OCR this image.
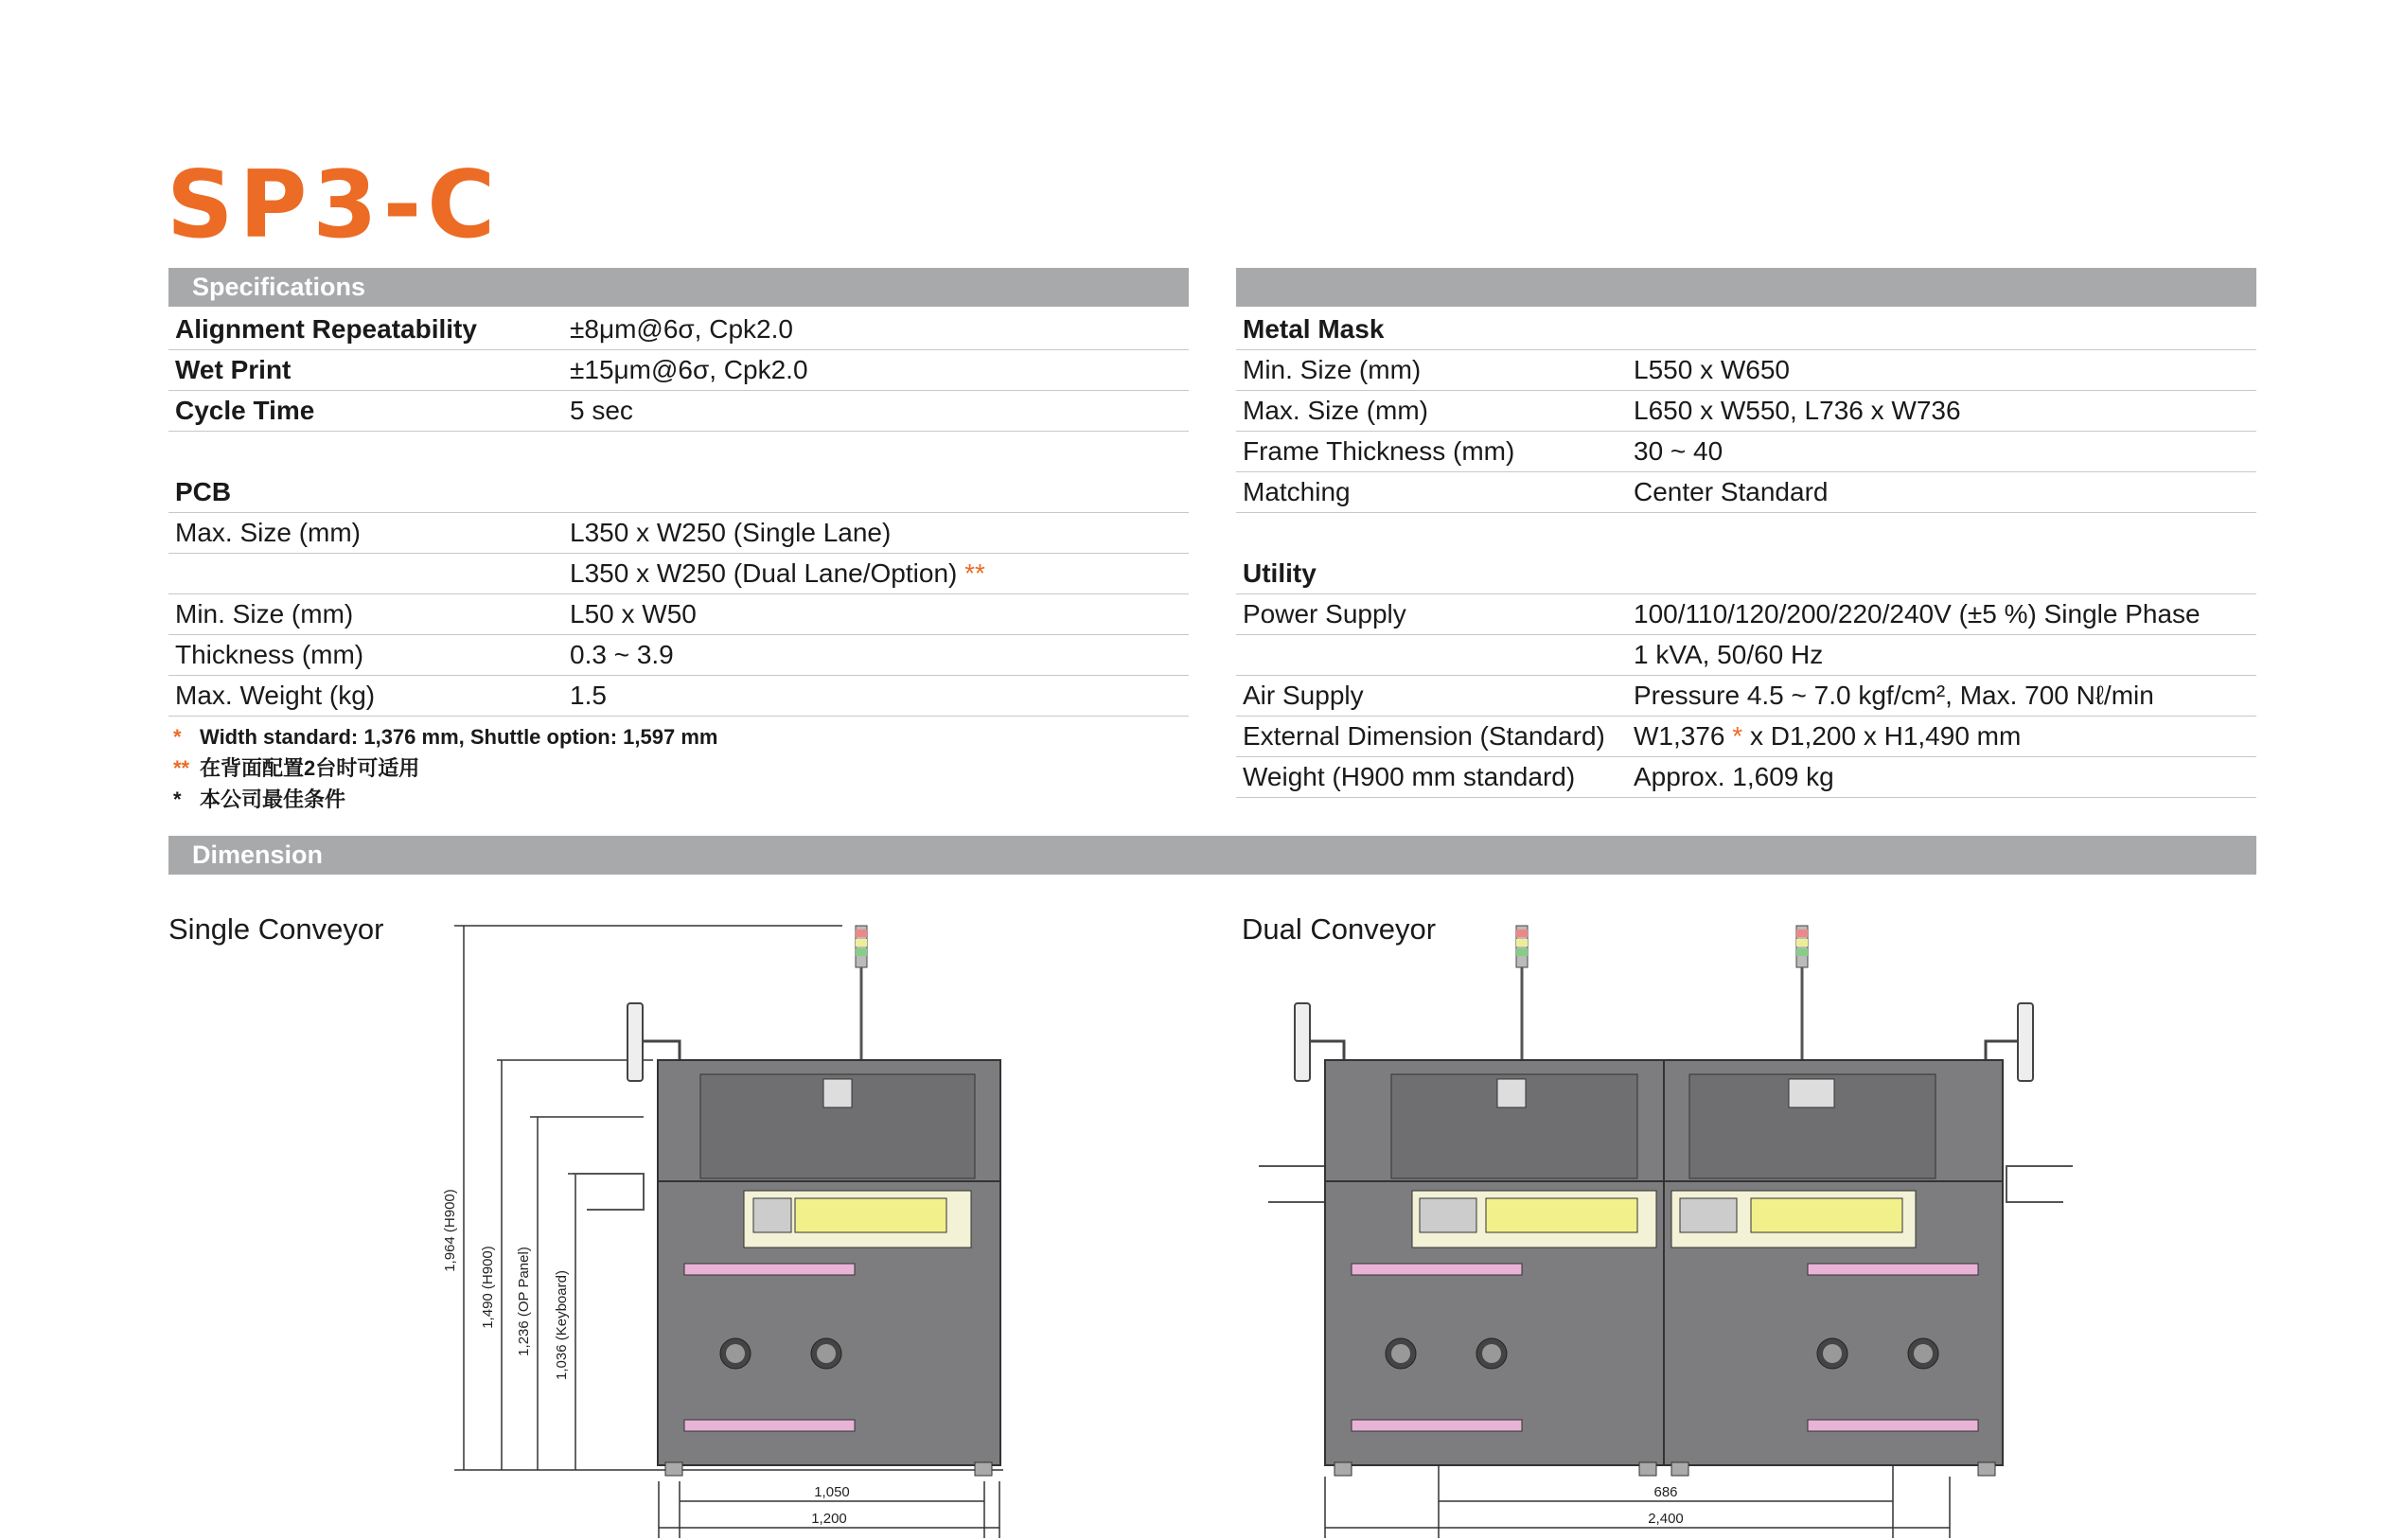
SP3-C
Specifications
Alignment Repeatability	±8μm@6σ, Cpk2.0
Wet Print	±15μm@6σ, Cpk2.0
Cycle Time	5 sec
PCB
Max. Size (mm)	L350 x W250 (Single Lane)
L350 x W250 (Dual Lane/Option) **
Min. Size (mm)	L50 x W50
Thickness (mm)	0.3 ~ 3.9
Max. Weight (kg)	1.5
* Width standard: 1,376 mm, Shuttle option: 1,597 mm
** 在背面配置2台时可适用
* 本公司最佳条件
Metal Mask
Min. Size (mm)	L550 x W650
Max. Size (mm)	L650 x W550, L736 x W736
Frame Thickness (mm)	30 ~ 40
Matching	Center Standard
Utility
Power Supply	100/110/120/200/220/240V (±5 %) Single Phase
1 kVA, 50/60 Hz
Air Supply	Pressure 4.5 ~ 7.0 kgf/cm², Max. 700 Nℓ/min
External Dimension (Standard) W1,376 * x D1,200 x H1,490 mm
Weight (H900 mm standard) Approx. 1,609 kg
Dimension
Single Conveyor	Dual Conveyor
1,964 (H900)
1,490 (H900) 1,236 (OP Panel) 1,036 (Keyboard)
1,050
1,200
686
2,400
